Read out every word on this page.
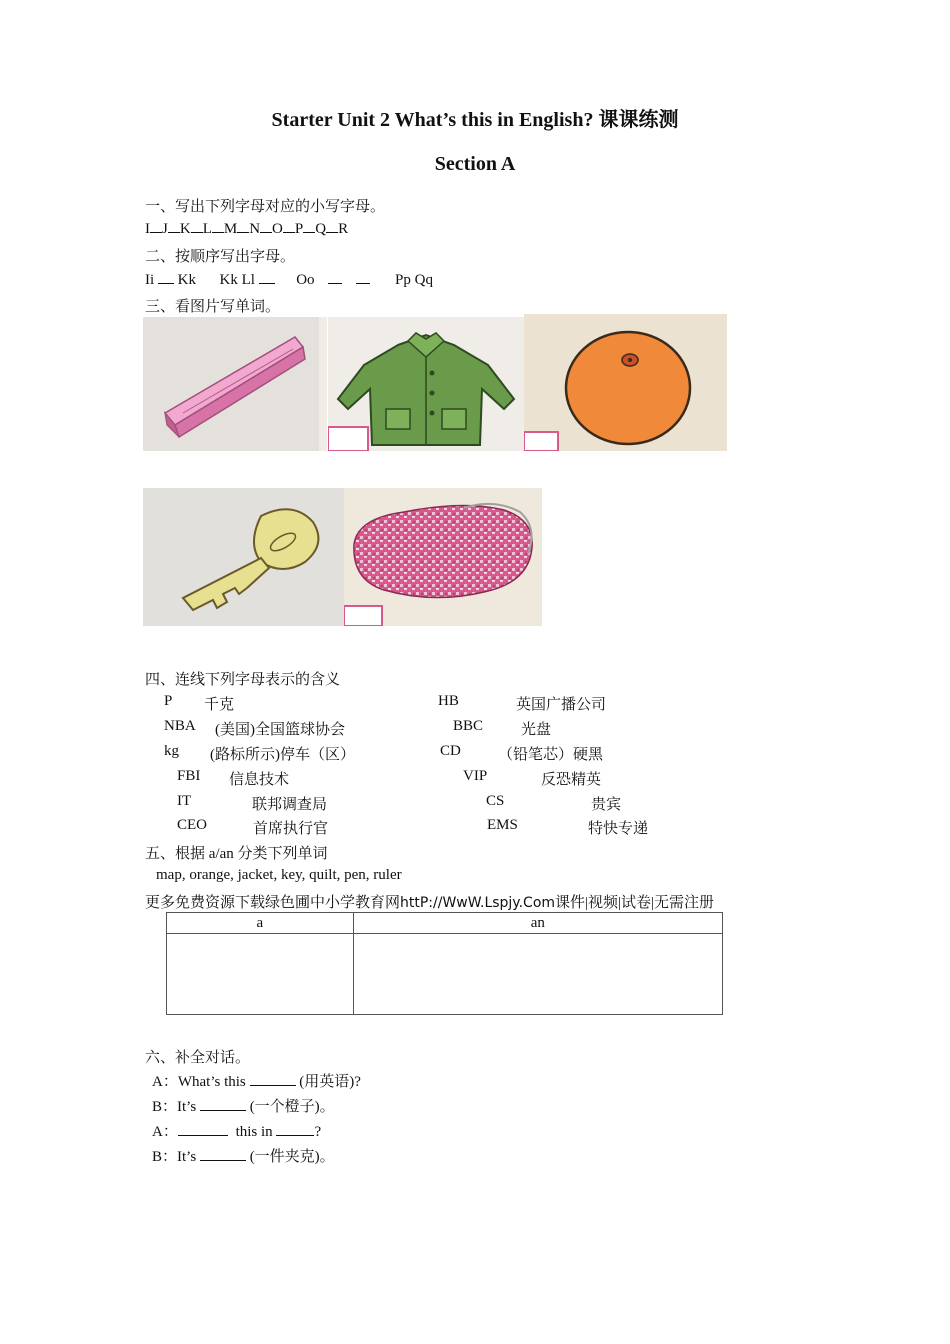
Starter Unit 2 What’s this in English? 课课练测
Section A
一、写出下列字母对应的小写字母。
I J K L M N O P Q R
二、按顺序写出字母。
Ii Kk Kk Ll	Oo	Pp Qq
三、看图片写单词。
四、连线下列字母表示的含义
P 千克	HB	英国广播公司
NBA (美国)全国篮球协会	BBC	光盘
kg (路标所示)停车（区）	CD （铅笔芯）硬黑
FBI 信息技术	VIP	反恐精英
IT	联邦调查局	CS	贵宾
CEO	首席执行官	EMS	特快专递
五、根据 a/an 分类下列单词
map, orange, jacket, key, quilt, pen, ruler
更多免费资源下载绿色圃中小学教育网httP://WwW.Lspjy.Com课件|视频|试卷|无需注册
a	an

六、补全对话。
A：What’s this	(用英语)?
B：It’s	(一个橙子)。
A：	this in	?
B：It’s	(一件夹克)。
